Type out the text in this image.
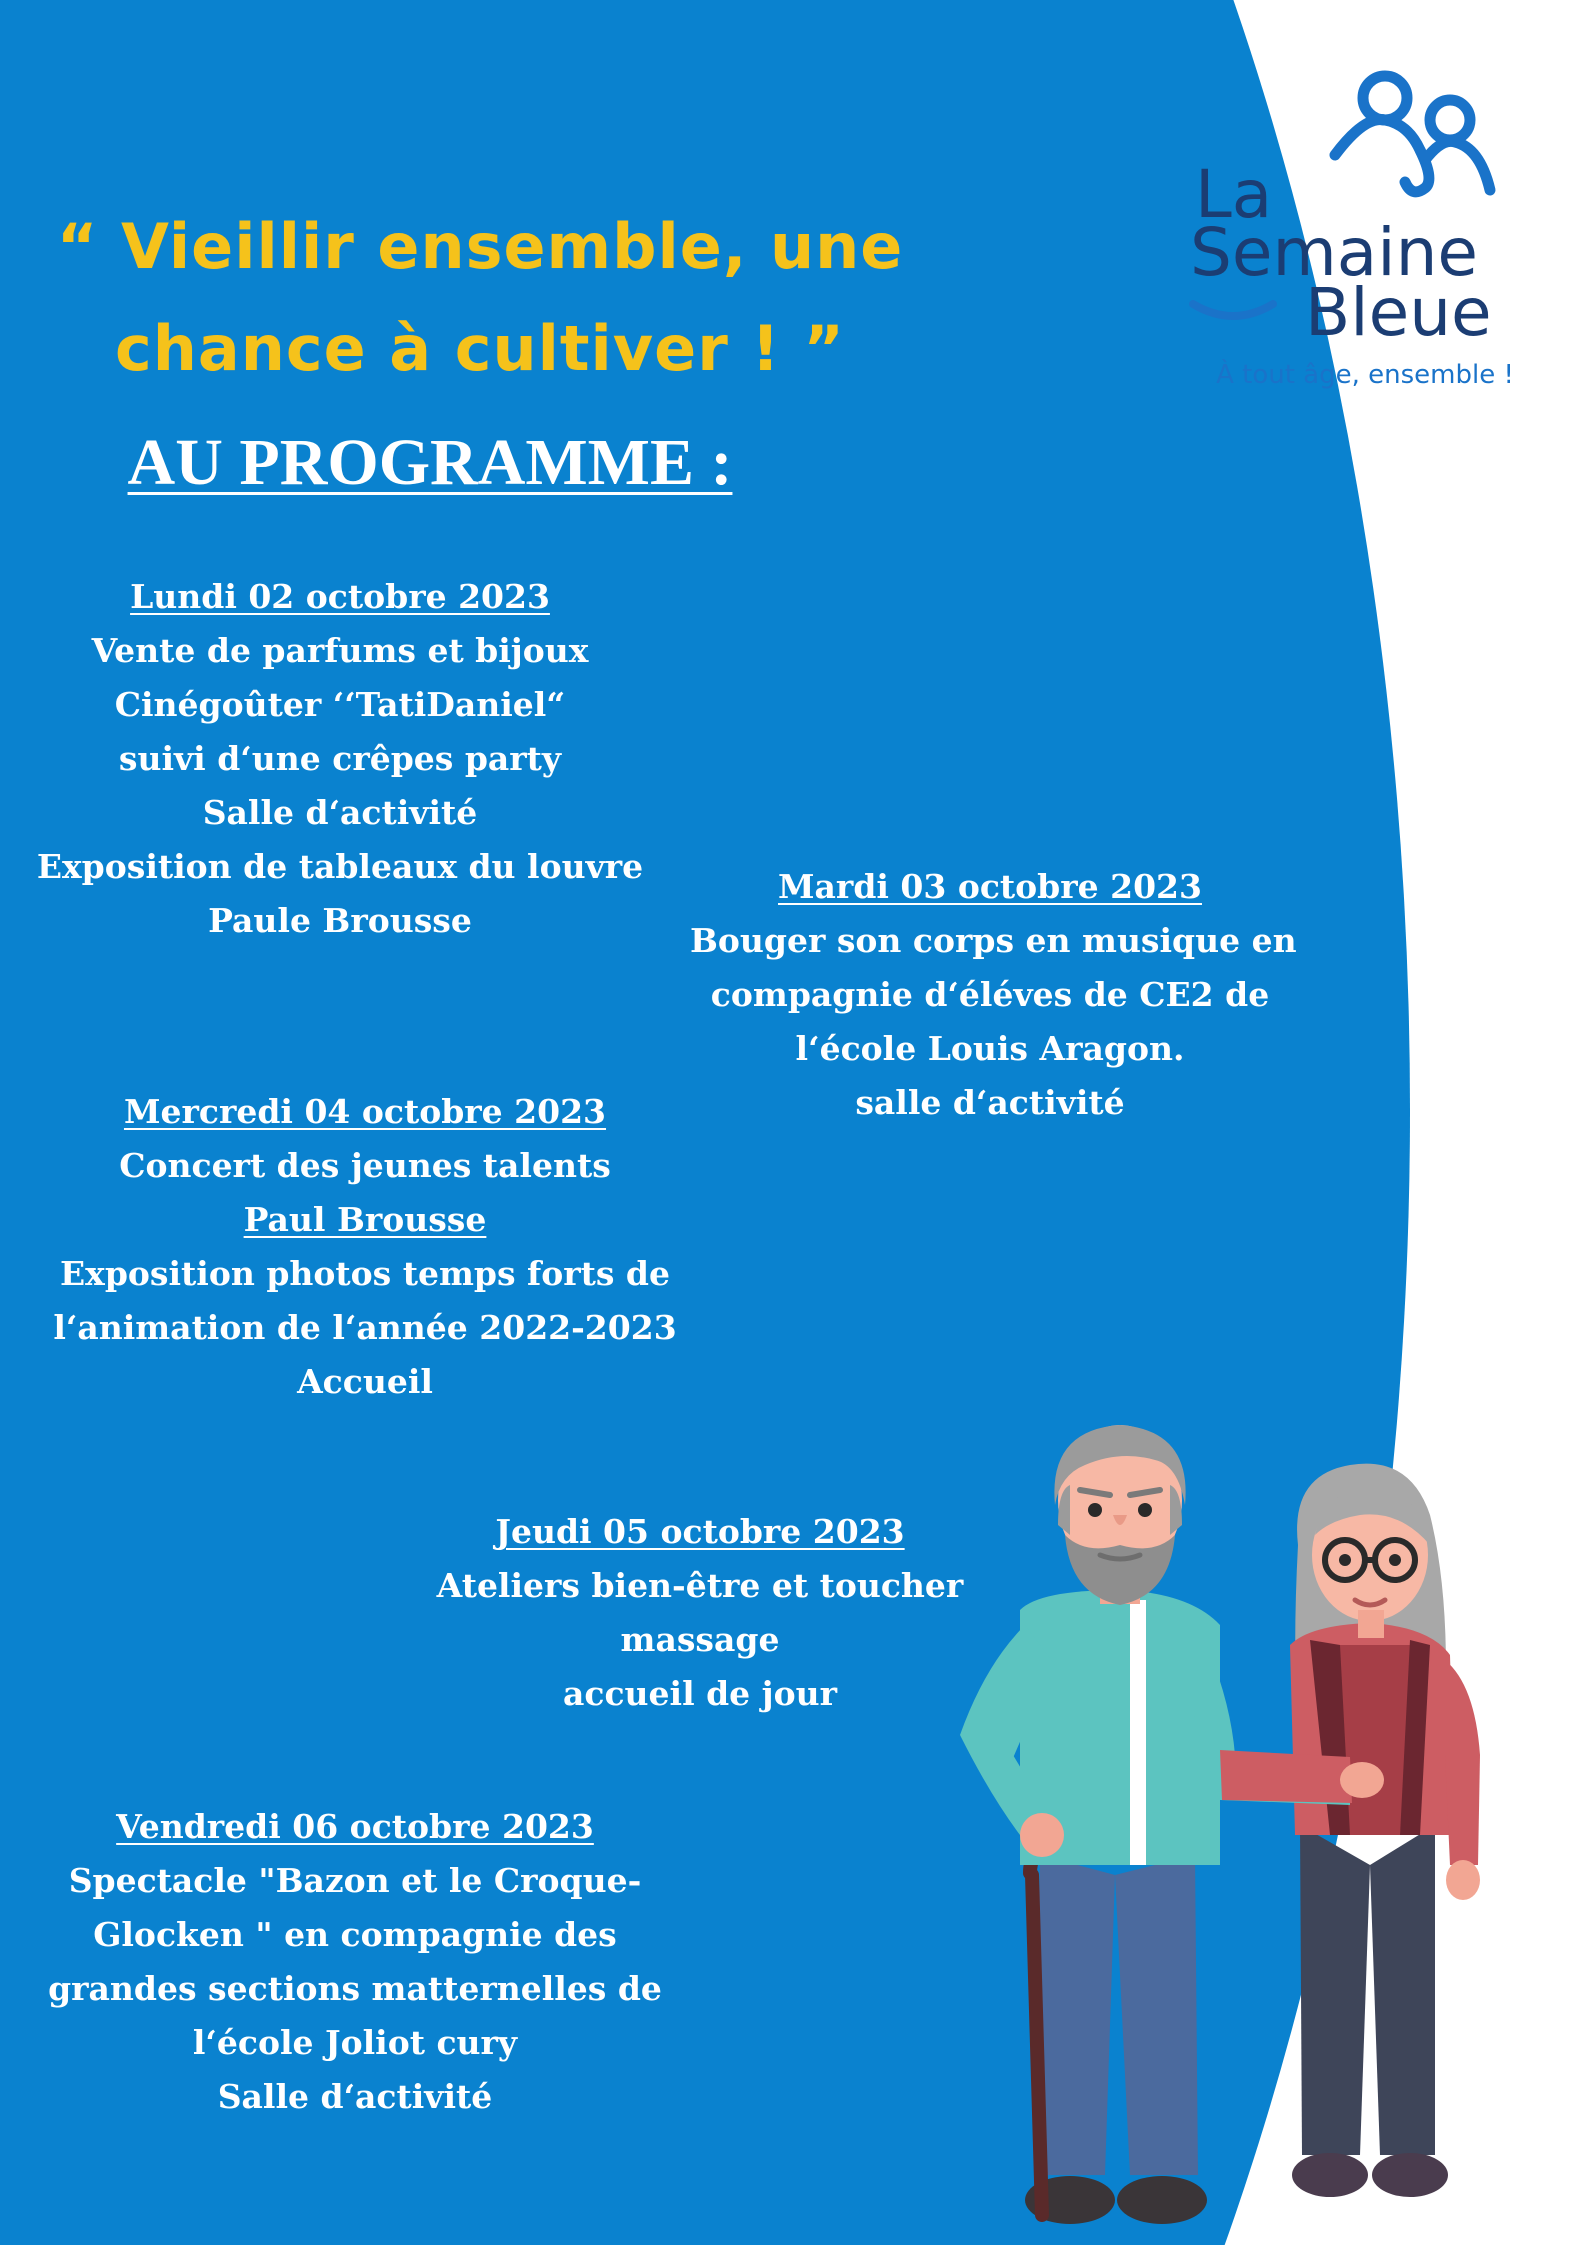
“ Vieillir ensemble, une
chance à cultiver ! ”
AU PROGRAMME :
Lundi 02 octobre 2023
Vente de parfums et bijoux
Cinégoûter ‘‘TatiDaniel“
suivi d‘une crêpes party
Salle d‘activité
Exposition de tableaux du louvre
Paule Brousse
Mardi 03 octobre 2023
Bouger son corps en musique en
compagnie d‘éléves de CE2 de
l‘école Louis Aragon.
salle d‘activité
Mercredi 04 octobre 2023
Concert des jeunes talents
Paul Brousse
Exposition photos temps forts de
l‘animation de l‘année 2022-2023
Accueil
Jeudi 05 octobre 2023
Ateliers bien-être et toucher
massage
accueil de jour
Vendredi 06 octobre 2023
Spectacle "Bazon et le Croque-
Glocken " en compagnie des
grandes sections matternelles de
l‘école Joliot cury
Salle d‘activité
La
Semaine
Bleue
À tout âge, ensemble !
